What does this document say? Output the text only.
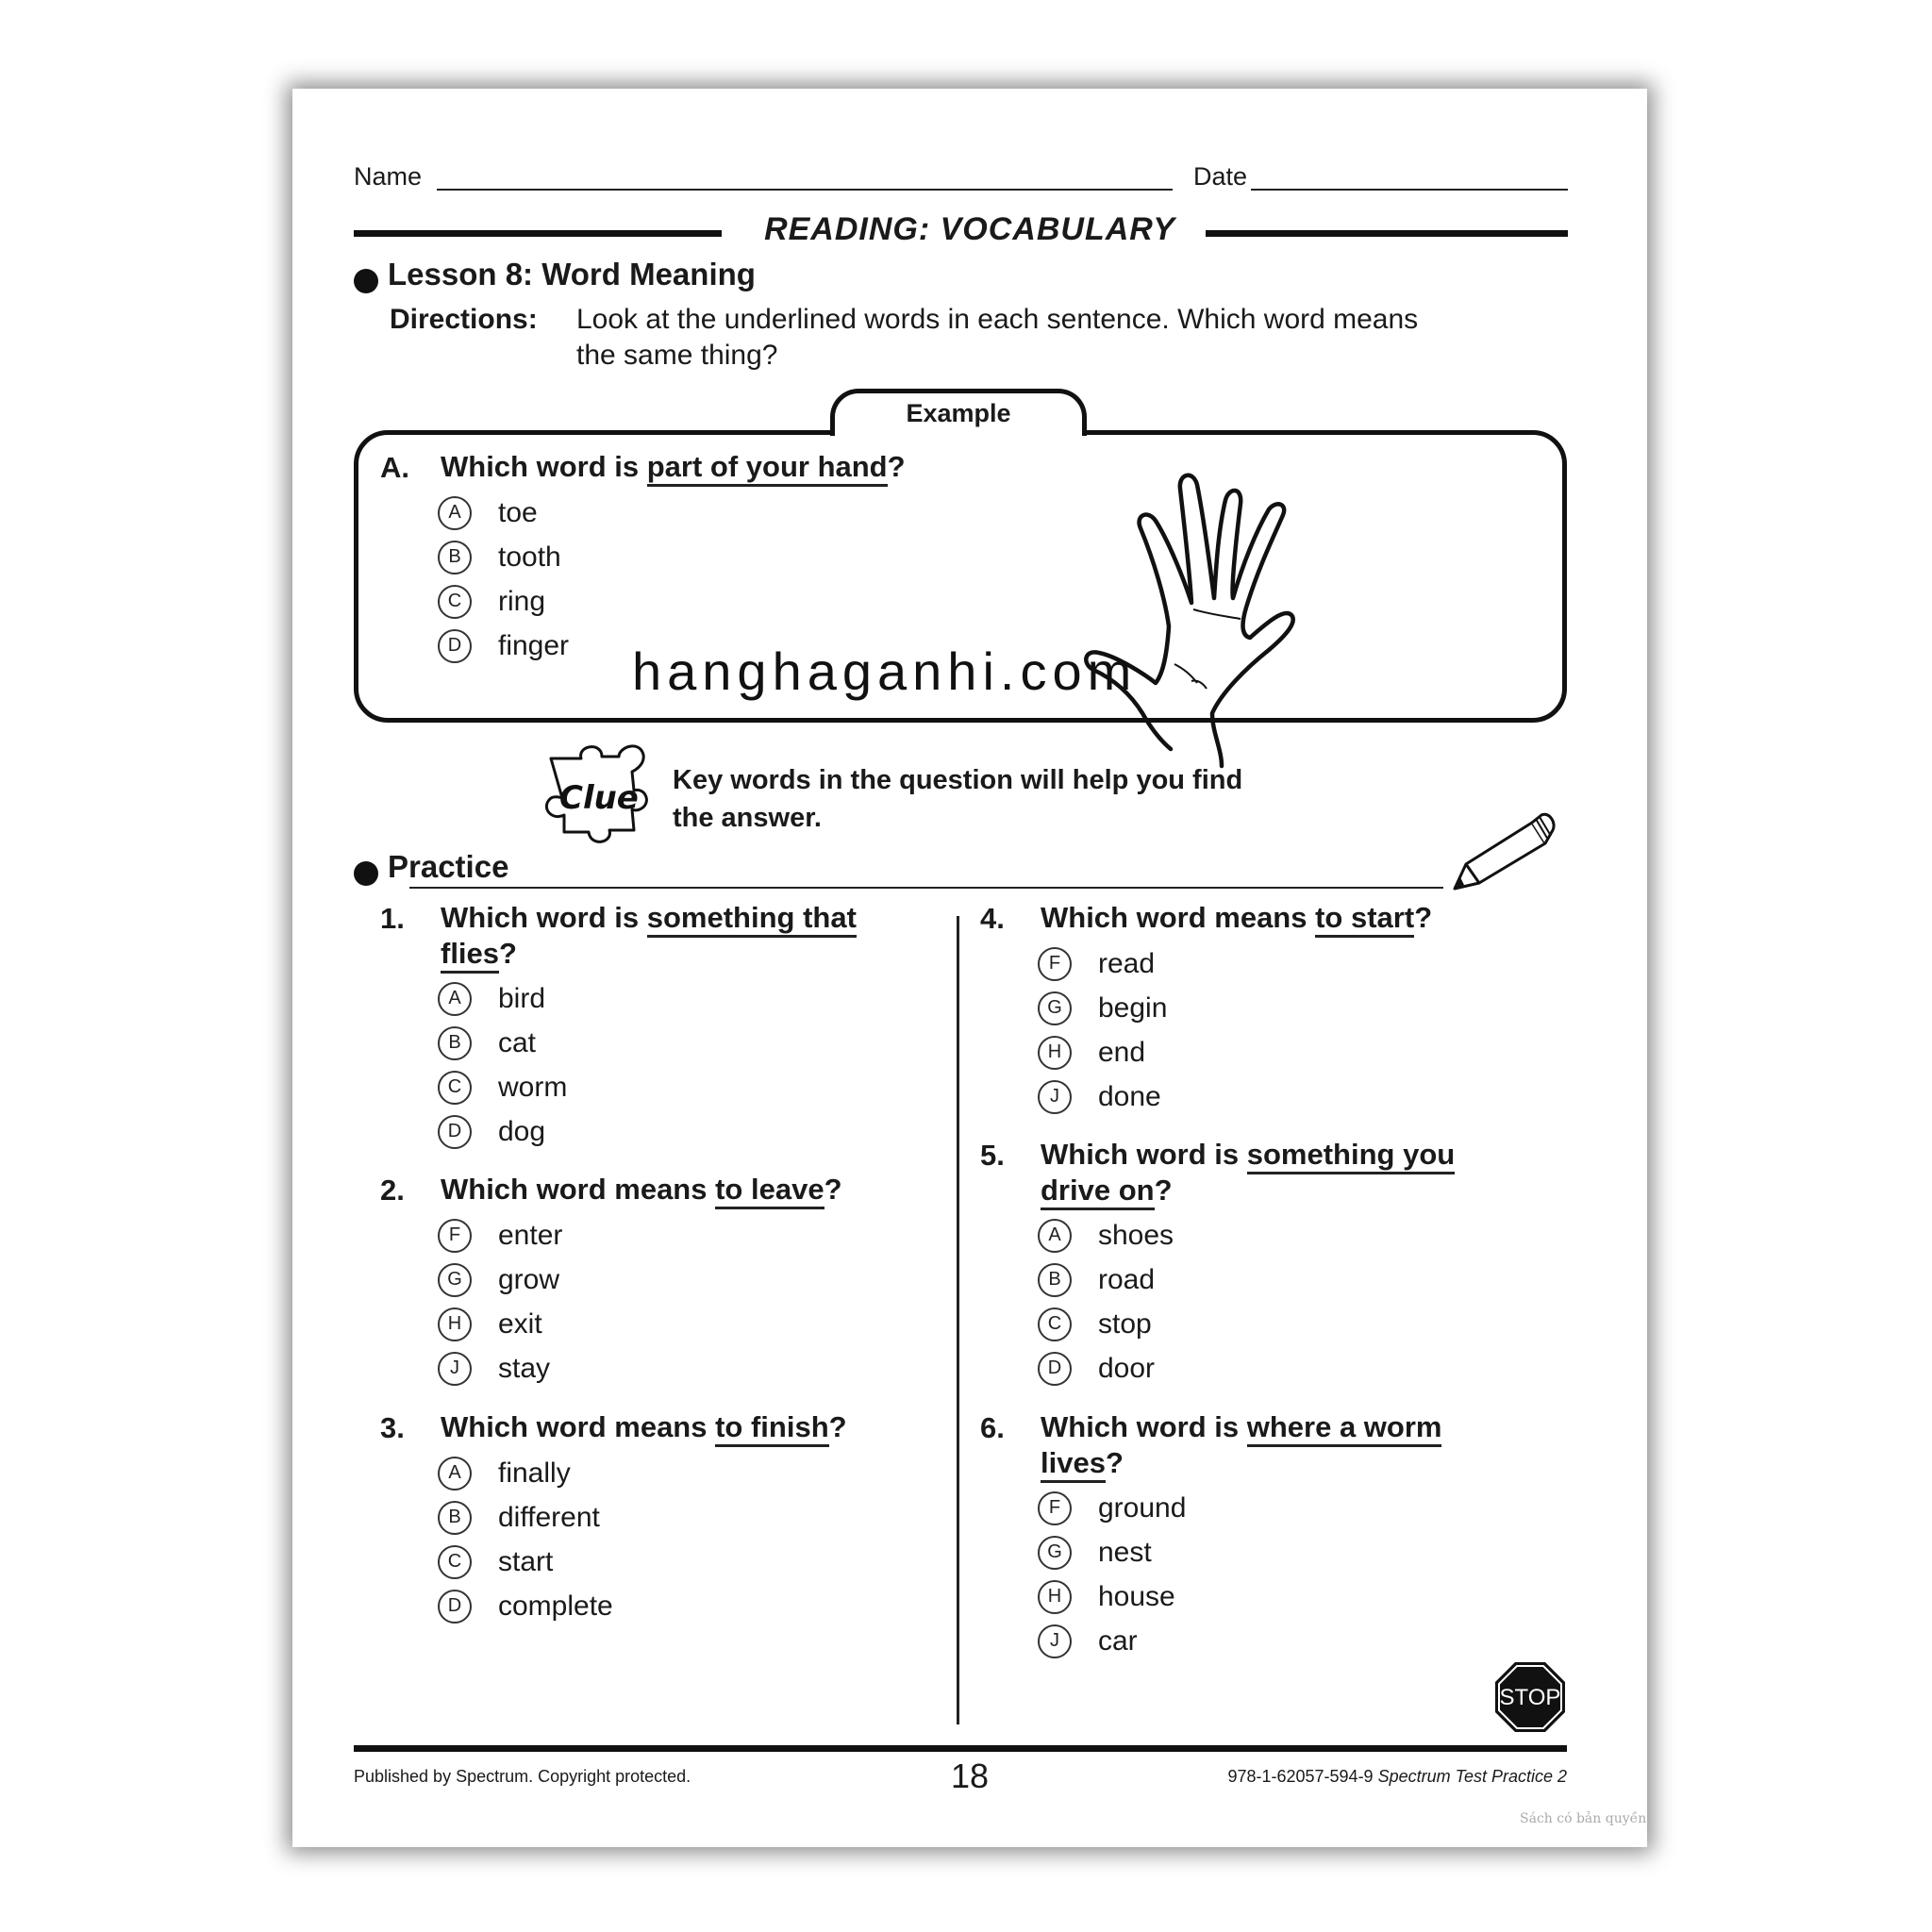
Name	Date
READING: VOCABULARY
Lesson 8: Word Meaning
Directions: Look at the underlined words in each sentence. Which word means
the same thing?
Example
A. Which word is part of your hand?
A	toe
B	tooth
C	ring
D	finger hanghaganhi.com
Clue Key words in the question will help you find
the answer.
Practice
1. Which word is something that
flies?
A	bird
B	cat
C	worm
D	dog
2. Which word means to leave?
F	enter
G	grow
H	exit
J	stay
3. Which word means to finish?
A	finally
B	different
C	start
D	complete
4. Which word means to start?
F	read
G	begin
H	end
J	done
5. Which word is something you
drive on?
A	shoes
B	road
C	stop
D	door
6. Which word is where a worm
lives?
F	ground
G	nest
H	house
J	car
STOP
Published by Spectrum. Copyright protected.	18	978-1-62057-594-9 Spectrum Test Practice 2
Sách có bản quyền
